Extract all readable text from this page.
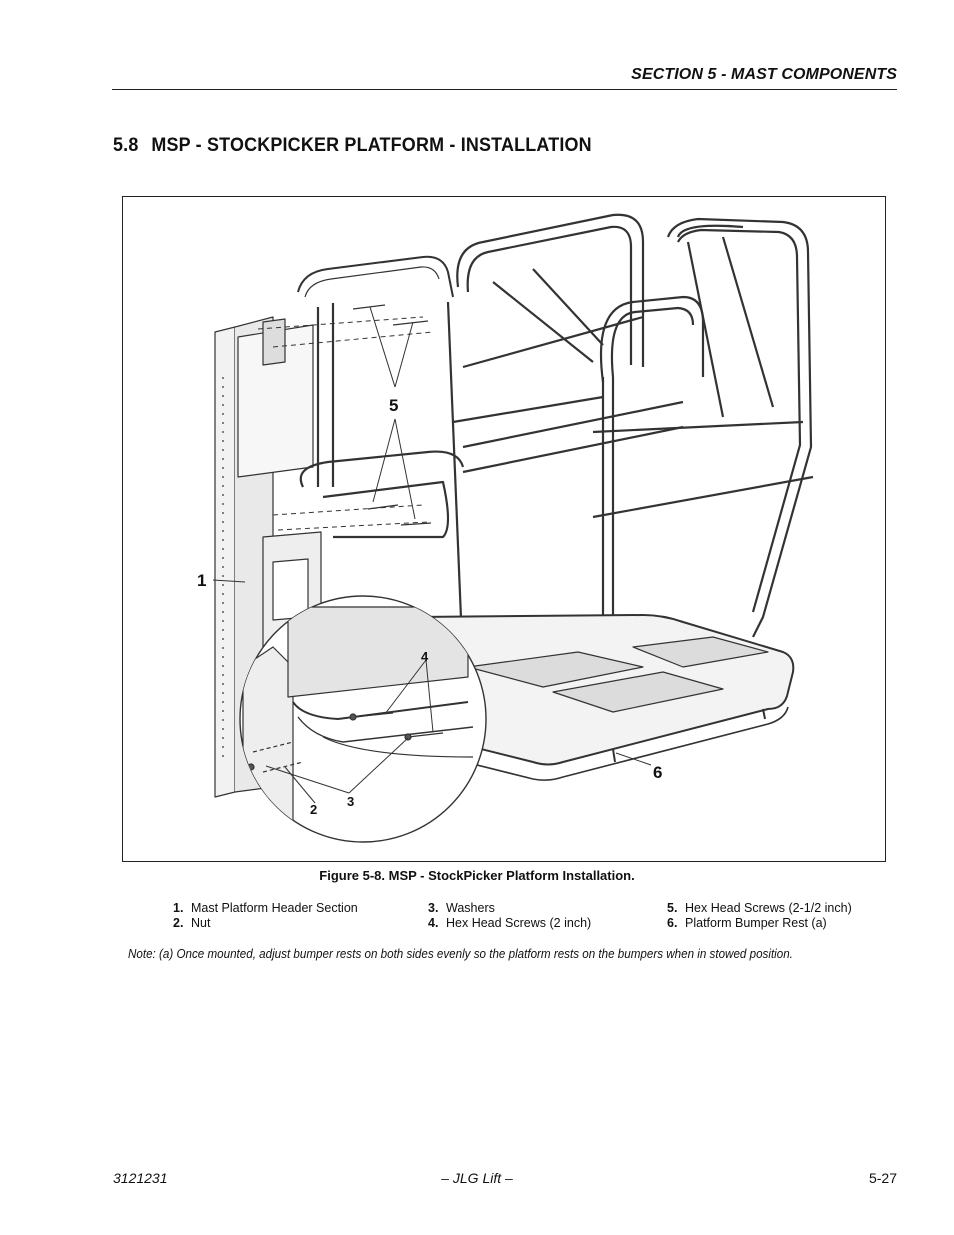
SECTION 5 - MAST COMPONENTS
5.8 MSP - STOCKPICKER PLATFORM - INSTALLATION
1
2
3
4
5
6
Figure 5-8. MSP - StockPicker Platform Installation.
1. Mast Platform Header Section
2. Nut
3. Washers
4. Hex Head Screws (2 inch)
5. Hex Head Screws (2-1/2 inch)
6. Platform Bumper Rest (a)
Note: (a) Once mounted, adjust bumper rests on both sides evenly so the platform rests on the bumpers when in stowed position.
3121231	– JLG Lift –	5-27
